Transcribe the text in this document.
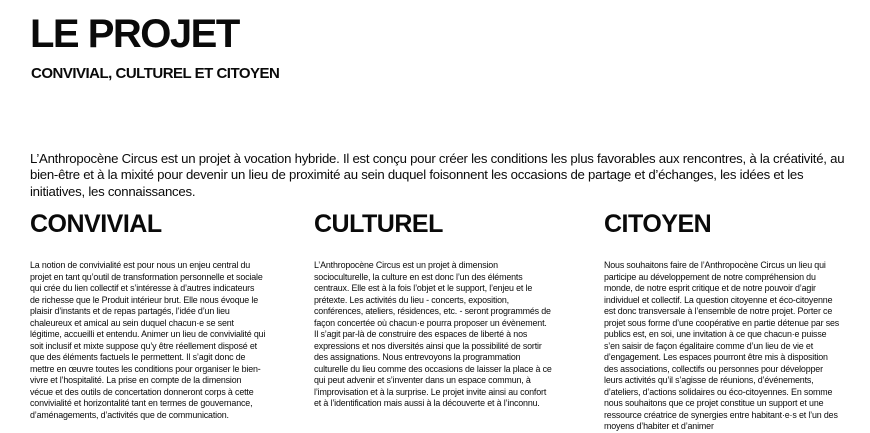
LE PROJET
CONVIVIAL, CULTUREL ET CITOYEN

L’Anthropocène Circus est un projet à vocation hybride. Il est conçu pour créer les conditions les plus favorables aux rencontres, à la créativité, au bien-être et à la mixité pour devenir un lieu de proximité au sein duquel foisonnent les occasions de partage et d’échanges, les idées et les initiatives, les connaissances.

CONVIVIAL

La notion de convivialité est pour nous un enjeu central du projet en tant qu’outil de transformation personnelle et sociale qui crée du lien collectif et s’intéresse à d’autres indicateurs de richesse que le Produit intérieur brut. Elle nous évoque le plaisir d’instants et de repas partagés, l’idée d’un lieu chaleureux et amical au sein duquel chacun·e se sent légitime, accueilli et entendu. Animer un lieu de convivialité qui soit inclusif et mixte suppose qu’y être réellement disposé et que des éléments factuels le permettent. Il s’agit donc de mettre en œuvre toutes les conditions pour organiser le bien-vivre et l’hospitalité. La prise en compte de la dimension vécue et des outils de concertation donneront corps à cette convivialité et horizontalité tant en termes de gouvernance, d’aménagements, d’activités que de communication.

CULTUREL

L’Anthropocène Circus est un projet à dimension socioculturelle, la culture en est donc l’un des éléments centraux. Elle est à la fois l’objet et le support, l’enjeu et le prétexte. Les activités du lieu - concerts, exposition, conférences, ateliers, résidences, etc. - seront programmés de façon concertée où chacun·e pourra proposer un évènement. Il s’agit par-là de construire des espaces de liberté à nos expressions et nos diversités ainsi que la possibilité de sortir des assignations. Nous entrevoyons la programmation culturelle du lieu comme des occasions de laisser la place à ce qui peut advenir et s’inventer dans un espace commun, à l’improvisation et à la surprise. Le projet invite ainsi au confort et à l’identification mais aussi à la découverte et à l’inconnu.

CITOYEN

Nous souhaitons faire de l’Anthropocène Circus un lieu qui participe au développement de notre compréhension du monde, de notre esprit critique et de notre pouvoir d’agir individuel et collectif. La question citoyenne et éco-citoyenne est donc transversale à l’ensemble de notre projet. Porter ce projet sous forme d’une coopérative en partie détenue par ses publics est, en soi, une invitation à ce que chacun·e puisse s’en saisir de façon égalitaire comme d’un lieu de vie et d’engagement. Les espaces pourront être mis à disposition des associations, collectifs ou personnes pour développer leurs activités qu’il s’agisse de réunions, d’événements, d’ateliers, d’actions solidaires ou éco-citoyennes. En somme nous souhaitons que ce projet constitue un support et une ressource créatrice de synergies entre habitant·e·s et l’un des moyens d’habiter et d’animer
